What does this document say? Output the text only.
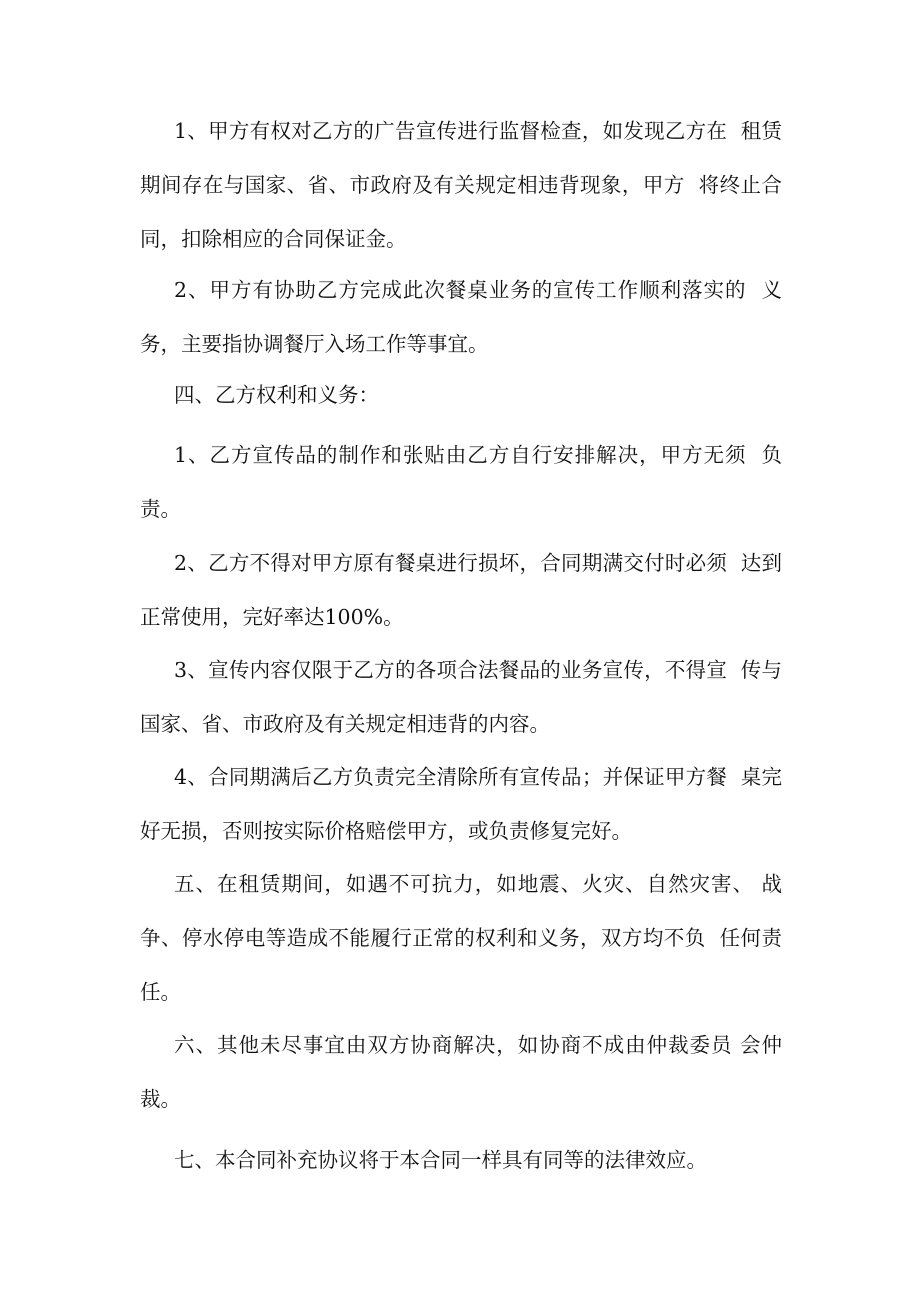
1、甲方有权对乙方的广告宣传进行监督检查，如发现乙方在  租赁期间存在与国家、省、市政府及有关规定相违背现象，甲方  将终止合同，扣除相应的合同保证金。

2、甲方有协助乙方完成此次餐桌业务的宣传工作顺利落实的  义务，主要指协调餐厅入场工作等事宜。

四、乙方权利和义务：

1、乙方宣传品的制作和张贴由乙方自行安排解决，甲方无须  负责。

2、乙方不得对甲方原有餐桌进行损坏，合同期满交付时必须  达到正常使用，完好率达100%。

3、宣传内容仅限于乙方的各项合法餐品的业务宣传，不得宣  传与国家、省、市政府及有关规定相违背的内容。

4、合同期满后乙方负责完全清除所有宣传品；并保证甲方餐  桌完好无损，否则按实际价格赔偿甲方，或负责修复完好。

五、在租赁期间，如遇不可抗力，如地震、火灾、自然灾害、 战争、停水停电等造成不能履行正常的权利和义务，双方均不负  任何责任。

六、其他未尽事宜由双方协商解决，如协商不成由仲裁委员 会仲裁。

七、本合同补充协议将于本合同一样具有同等的法律效应。
